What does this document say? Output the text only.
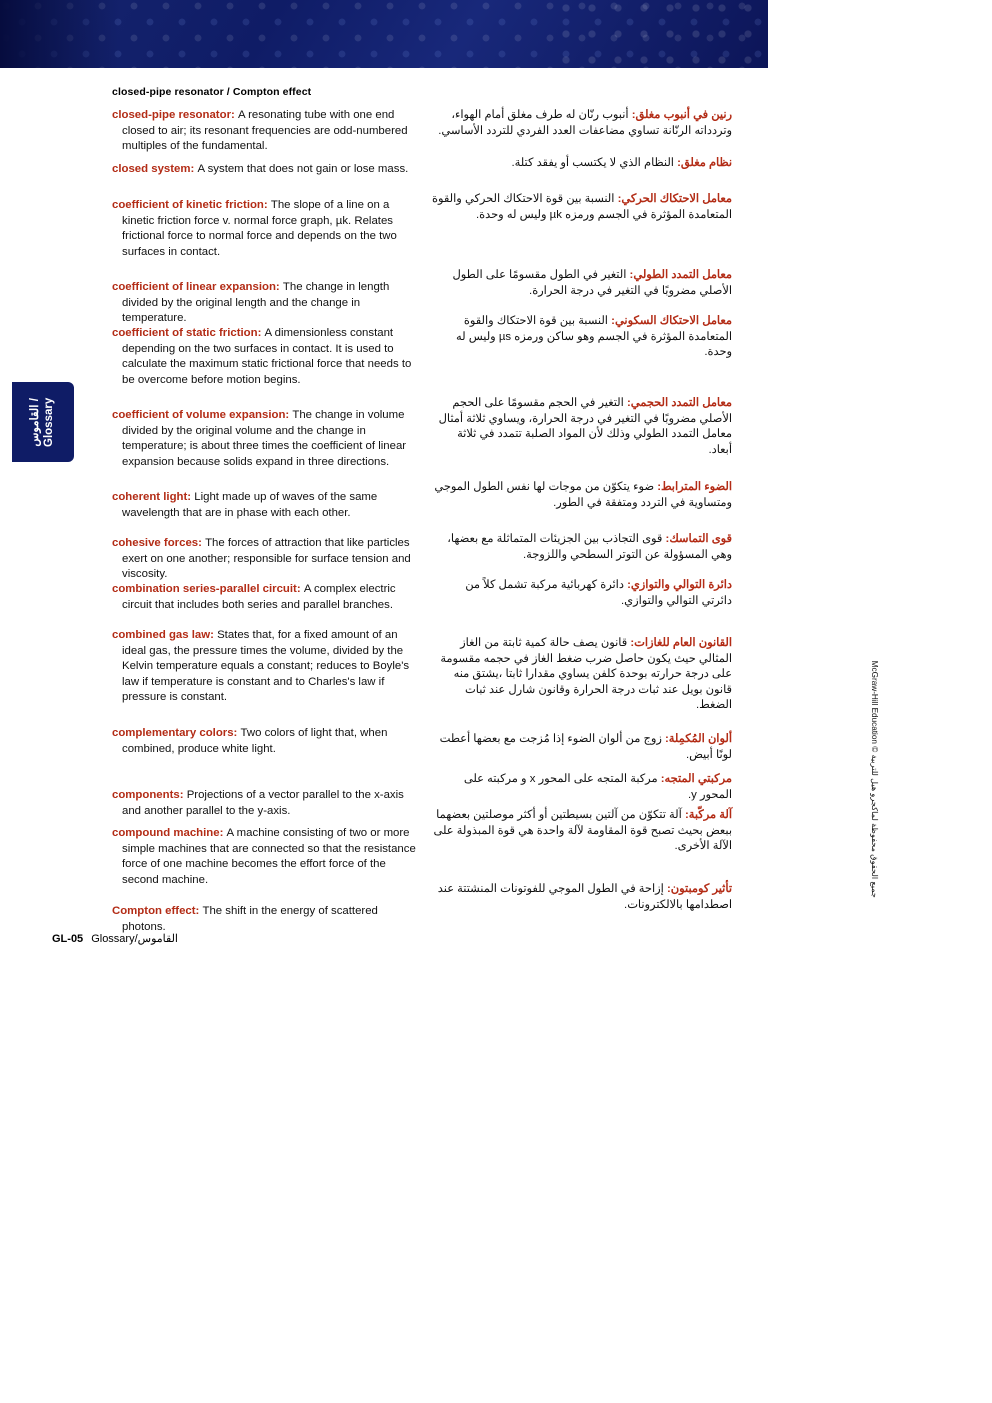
القاموس / Glossary
closed-pipe resonator / Compton effect
closed-pipe resonator: A resonating tube with one end closed to air; its resonant frequencies are odd-numbered multiples of the fundamental.
closed system: A system that does not gain or lose mass.
coefficient of kinetic friction: The slope of a line on a kinetic friction force v. normal force graph, µk. Relates frictional force to normal force and depends on the two surfaces in contact.
coefficient of linear expansion: The change in length divided by the original length and the change in temperature.
coefficient of static friction: A dimensionless constant depending on the two surfaces in contact. It is used to calculate the maximum static frictional force that needs to be overcome before motion begins.
coefficient of volume expansion: The change in volume divided by the original volume and the change in temperature; is about three times the coefficient of linear expansion because solids expand in three directions.
coherent light: Light made up of waves of the same wavelength that are in phase with each other.
cohesive forces: The forces of attraction that like particles exert on one another; responsible for surface tension and viscosity.
combination series-parallel circuit: A complex electric circuit that includes both series and parallel branches.
combined gas law: States that, for a fixed amount of an ideal gas, the pressure times the volume, divided by the Kelvin temperature equals a constant; reduces to Boyle's law if temperature is constant and to Charles's law if pressure is constant.
complementary colors: Two colors of light that, when combined, produce white light.
components: Projections of a vector parallel to the x-axis and another parallel to the y-axis.
compound machine: A machine consisting of two or more simple machines that are connected so that the resistance force of one machine becomes the effort force of the second machine.
Compton effect: The shift in the energy of scattered photons.
رنين في أنبوب مغلق: أنبوب رنّان له طرف مغلق أمام الهواء، وتردداته الرنّانة تساوي مضاعفات العدد الفردي للتردد الأساسي.
نظام مغلق: النظام الذي لا يكتسب أو يفقد كتلة.
معامل الاحتكاك الحركي: النسبة بين قوة الاحتكاك الحركي والقوة المتعامدة المؤثرة في الجسم ورمزه µk وليس له وحدة.
معامل التمدد الطولي: التغير في الطول مقسومًا على الطول الأصلي مضروبًا في التغير في درجة الحرارة.
معامل الاحتكاك السكوني: النسبة بين قوة الاحتكاك والقوة المتعامدة المؤثرة في الجسم وهو ساكن ورمزه µs وليس له وحدة.
معامل التمدد الحجمي: التغير في الحجم مقسومًا على الحجم الأصلي مضروبًا في التغير في درجة الحرارة، ويساوي ثلاثة أمثال معامل التمدد الطولي وذلك لأن المواد الصلبة تتمدد في ثلاثة أبعاد.
الضوء المترابط: ضوء يتكوّن من موجات لها نفس الطول الموجي ومتساوية في التردد ومتفقة في الطور.
قوى التماسك: قوى التجاذب بين الجزيئات المتماثلة مع بعضها، وهي المسؤولة عن التوتر السطحي واللزوجة.
دائرة التوالي والتوازي: دائرة كهربائية مركبة تشمل كلاً من دائرتي التوالي والتوازي.
القانون العام للغازات: قانون يصف حالة كمية ثابتة من الغاز المثالي حيث يكون حاصل ضرب ضغط الغاز في حجمه مقسومة على درجة حرارته بوحدة كلفن يساوي مقدارا ثابتا ،يشتق منه قانون بويل عند ثبات درجة الحرارة وقانون شارل عند ثبات الضغط.
ألوان المُكمِلة: زوج من ألوان الضوء إذا مُزجت مع بعضها أعطت لونًا أبيض.
مركبتي المتجه: مركبة المتجه على المحور x و مركبته على المحور y.
آلة مركّبة: آلة تتكوّن من آلتين بسيطتين أو أكثر موصلتين بعضهما ببعض بحيث تصبح قوة المقاومة لآلة واحدة هي قوة المبذولة على الآلة الأخرى.
تأثير كومبتون: إزاحة في الطول الموجي للفوتونات المنشتتة عند اصطدامها بالالكترونات.
جميع الحقوق محفوظة لماكجرو هيل للتربية © McGraw-Hill Education
GL-05 Glossary/القاموس
